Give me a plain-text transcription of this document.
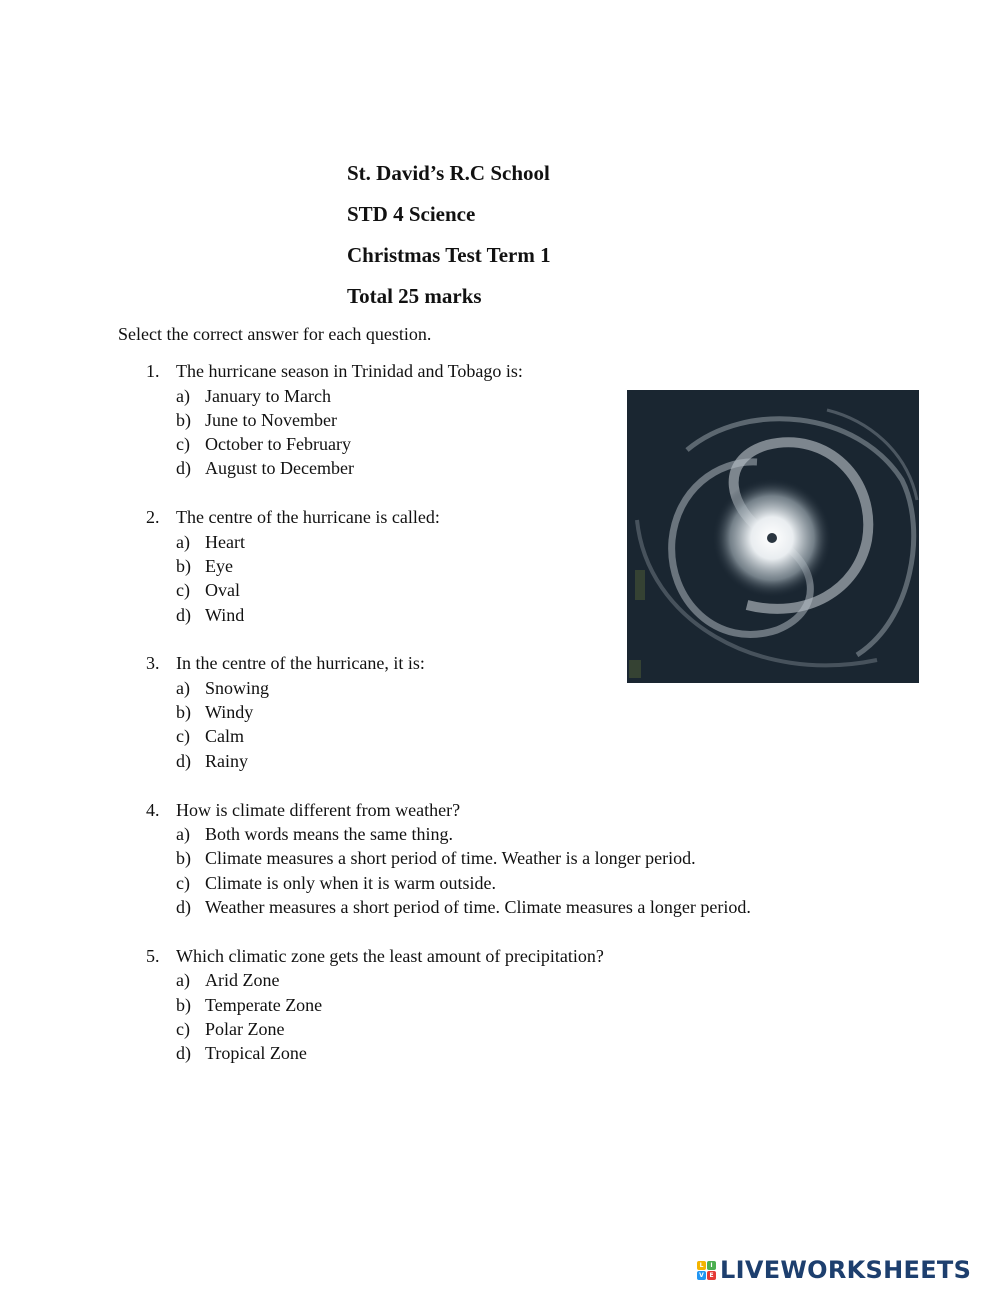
St. David’s R.C School
STD 4 Science
Christmas Test Term 1
Total 25 marks
Select the correct answer for each question.
1. The hurricane season in Trinidad and Tobago is:
a) January to March
b) June to November
c) October to February
d) August to December
2. The centre of the hurricane is called:
a) Heart
b) Eye
c) Oval
d) Wind
3. In the centre of the hurricane, it is:
a) Snowing
b) Windy
c) Calm
d) Rainy
4. How is climate different from weather?
a) Both words means the same thing.
b) Climate measures a short period of time. Weather is a longer period.
c) Climate is only when it is warm outside.
d) Weather measures a short period of time. Climate measures a longer period.
5. Which climatic zone gets the least amount of precipitation?
a) Arid Zone
b) Temperate Zone
c) Polar Zone
d) Tropical Zone
L	I
V E LIVEWORKSHEETS
